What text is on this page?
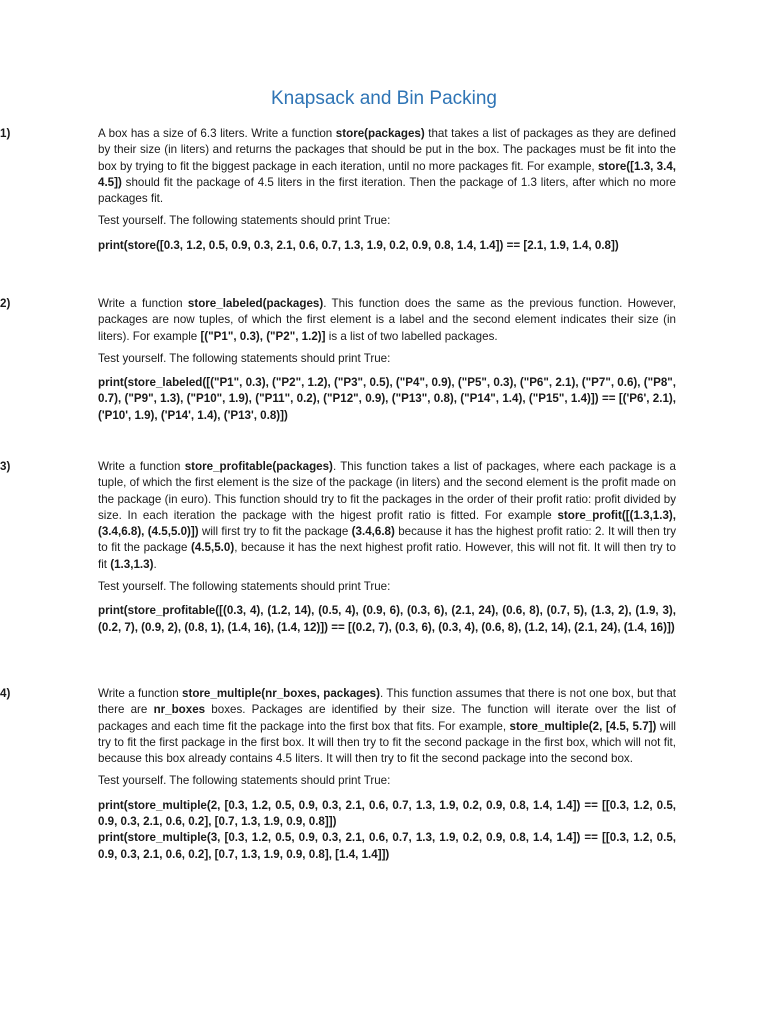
Knapsack and Bin Packing
1)	A box has a size of 6.3 liters. Write a function store(packages) that takes a list of packages as they are defined by their size (in liters) and returns the packages that should be put in the box. The packages must be fit into the box by trying to fit the biggest package in each iteration, until no more packages fit. For example, store([1.3, 3.4, 4.5]) should fit the package of 4.5 liters in the first iteration. Then the package of 1.3 liters, after which no more packages fit.

Test yourself. The following statements should print True:

print(store([0.3, 1.2, 0.5, 0.9, 0.3, 2.1, 0.6, 0.7, 1.3, 1.9, 0.2, 0.9, 0.8, 1.4, 1.4]) == [2.1, 1.9, 1.4, 0.8])

2)	Write a function store_labeled(packages). This function does the same as the previous function. However, packages are now tuples, of which the first element is a label and the second element indicates their size (in liters). For example [("P1", 0.3), ("P2", 1.2)] is a list of two labelled packages.

Test yourself. The following statements should print True:

print(store_labeled([("P1", 0.3), ("P2", 1.2), ("P3", 0.5), ("P4", 0.9), ("P5", 0.3), ("P6", 2.1), ("P7", 0.6), ("P8", 0.7), ("P9", 1.3), ("P10", 1.9), ("P11", 0.2), ("P12", 0.9), ("P13", 0.8), ("P14", 1.4), ("P15", 1.4)]) == [('P6', 2.1), ('P10', 1.9), ('P14', 1.4), ('P13', 0.8)])

3)	Write a function store_profitable(packages). This function takes a list of packages, where each package is a tuple, of which the first element is the size of the package (in liters) and the second element is the profit made on the package (in euro). This function should try to fit the packages in the order of their profit ratio: profit divided by size. In each iteration the package with the higest profit ratio is fitted. For example store_profit([(1.3,1.3), (3.4,6.8), (4.5,5.0)]) will first try to fit the package (3.4,6.8) because it has the highest profit ratio: 2. It will then try to fit the package (4.5,5.0), because it has the next highest profit ratio. However, this will not fit. It will then try to fit (1.3,1.3).

Test yourself. The following statements should print True:

print(store_profitable([(0.3, 4), (1.2, 14), (0.5, 4), (0.9, 6), (0.3, 6), (2.1, 24), (0.6, 8), (0.7, 5), (1.3, 2), (1.9, 3), (0.2, 7), (0.9, 2), (0.8, 1), (1.4, 16), (1.4, 12)]) == [(0.2, 7), (0.3, 6), (0.3, 4), (0.6, 8), (1.2, 14), (2.1, 24), (1.4, 16)])

4)	Write a function store_multiple(nr_boxes, packages). This function assumes that there is not one box, but that there are nr_boxes boxes. Packages are identified by their size. The function will iterate over the list of packages and each time fit the package into the first box that fits. For example, store_multiple(2, [4.5, 5.7]) will try to fit the first package in the first box. It will then try to fit the second package in the first box, which will not fit, because this box already contains 4.5 liters. It will then try to fit the second package into the second box.

Test yourself. The following statements should print True:

print(store_multiple(2, [0.3, 1.2, 0.5, 0.9, 0.3, 2.1, 0.6, 0.7, 1.3, 1.9, 0.2, 0.9, 0.8, 1.4, 1.4]) == [[0.3, 1.2, 0.5, 0.9, 0.3, 2.1, 0.6, 0.2], [0.7, 1.3, 1.9, 0.9, 0.8]])

print(store_multiple(3, [0.3, 1.2, 0.5, 0.9, 0.3, 2.1, 0.6, 0.7, 1.3, 1.9, 0.2, 0.9, 0.8, 1.4, 1.4]) == [[0.3, 1.2, 0.5, 0.9, 0.3, 2.1, 0.6, 0.2], [0.7, 1.3, 1.9, 0.9, 0.8], [1.4, 1.4]])
